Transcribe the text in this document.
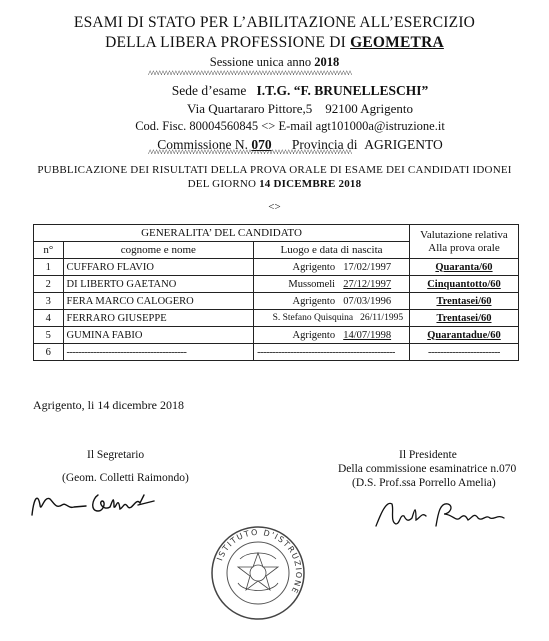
ESAMI DI STATO PER L’ABILITAZIONE ALL’ESERCIZIO
DELLA LIBERA PROFESSIONE DI GEOMETRA
Sessione unica anno 2018
^^^^^^^^^^^^^^^^^^^^^^^^^^^^^^^^^^^^^^^^^^^^^^^^^^^^^^^^^^^^^^^
Sede d’esame I.T.G. “F. BRUNELLESCHI”
Via Quartararo Pittore,5 92100 Agrigento
Cod. Fisc. 80004560845 <> E-mail agt101000a@istruzione.it
Commissione N. 070 Provincia di AGRIGENTO
^^^^^^^^^^^^^^^^^^^^^^^^^^^^^^^^^^^^^^^^^^^^^^^^^^^^^^^^^^^^^^^
PUBBLICAZIONE DEI RISULTATI DELLA PROVA ORALE DI ESAME DEI CANDIDATI IDONEI
DEL GIORNO 14 DICEMBRE 2018
<>
GENERALITA’ DEL CANDIDATO			Valutazione relativa
Alla prova orale
n°	cognome e nome	Luogo e data di nascita	
1	CUFFARO FLAVIO	Agrigento 17/02/1997	Quaranta/60
2	DI LIBERTO GAETANO	Mussomeli 27/12/1997	Cinquantotto/60
3	FERA MARCO CALOGERO	Agrigento 07/03/1996	Trentasei/60
4	FERRARO GIUSEPPE	S. Stefano Quisquina 26/11/1995	Trentasei/60
5	GUMINA FABIO	Agrigento 14/07/1998	Quarantadue/60
6	----------------------------------------	----------------------------------------------	------------------------
Agrigento, li 14 dicembre 2018
Il Segretario
(Geom. Colletti Raimondo)
Il Presidente
Della commissione esaminatrice n.070
(D.S. Prof.ssa Porrello Amelia)
ISTITUTO D'ISTRUZIONE
